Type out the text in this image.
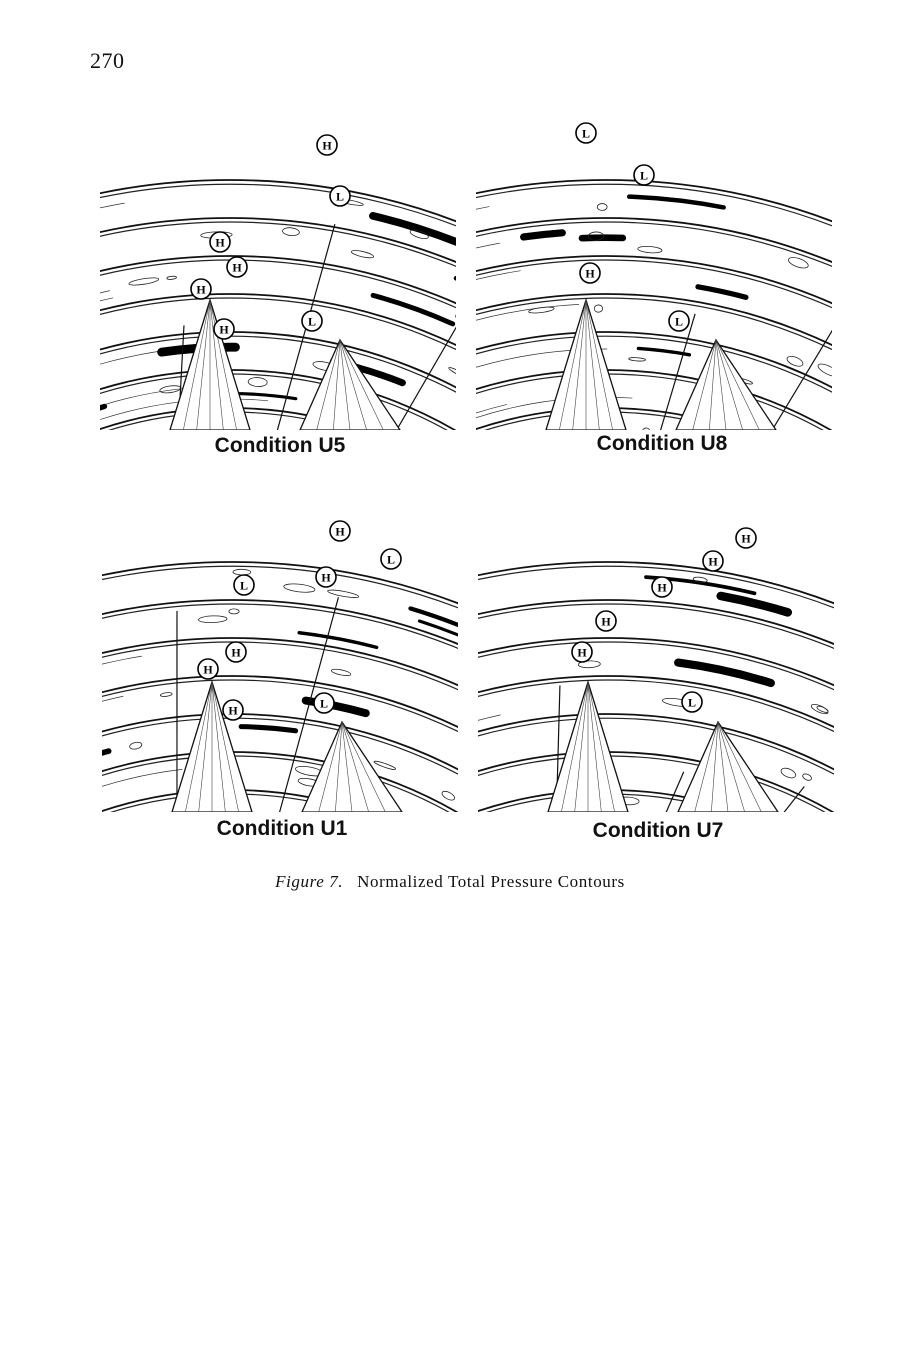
270
H
L
H
H
H
H
L
Condition U5
L
L
H
L
Condition U8
H
L
H
L
H
H
H	L
Condition U1
H
H
H
H
H
L
Condition U7
Figure 7. Normalized Total Pressure Contours
